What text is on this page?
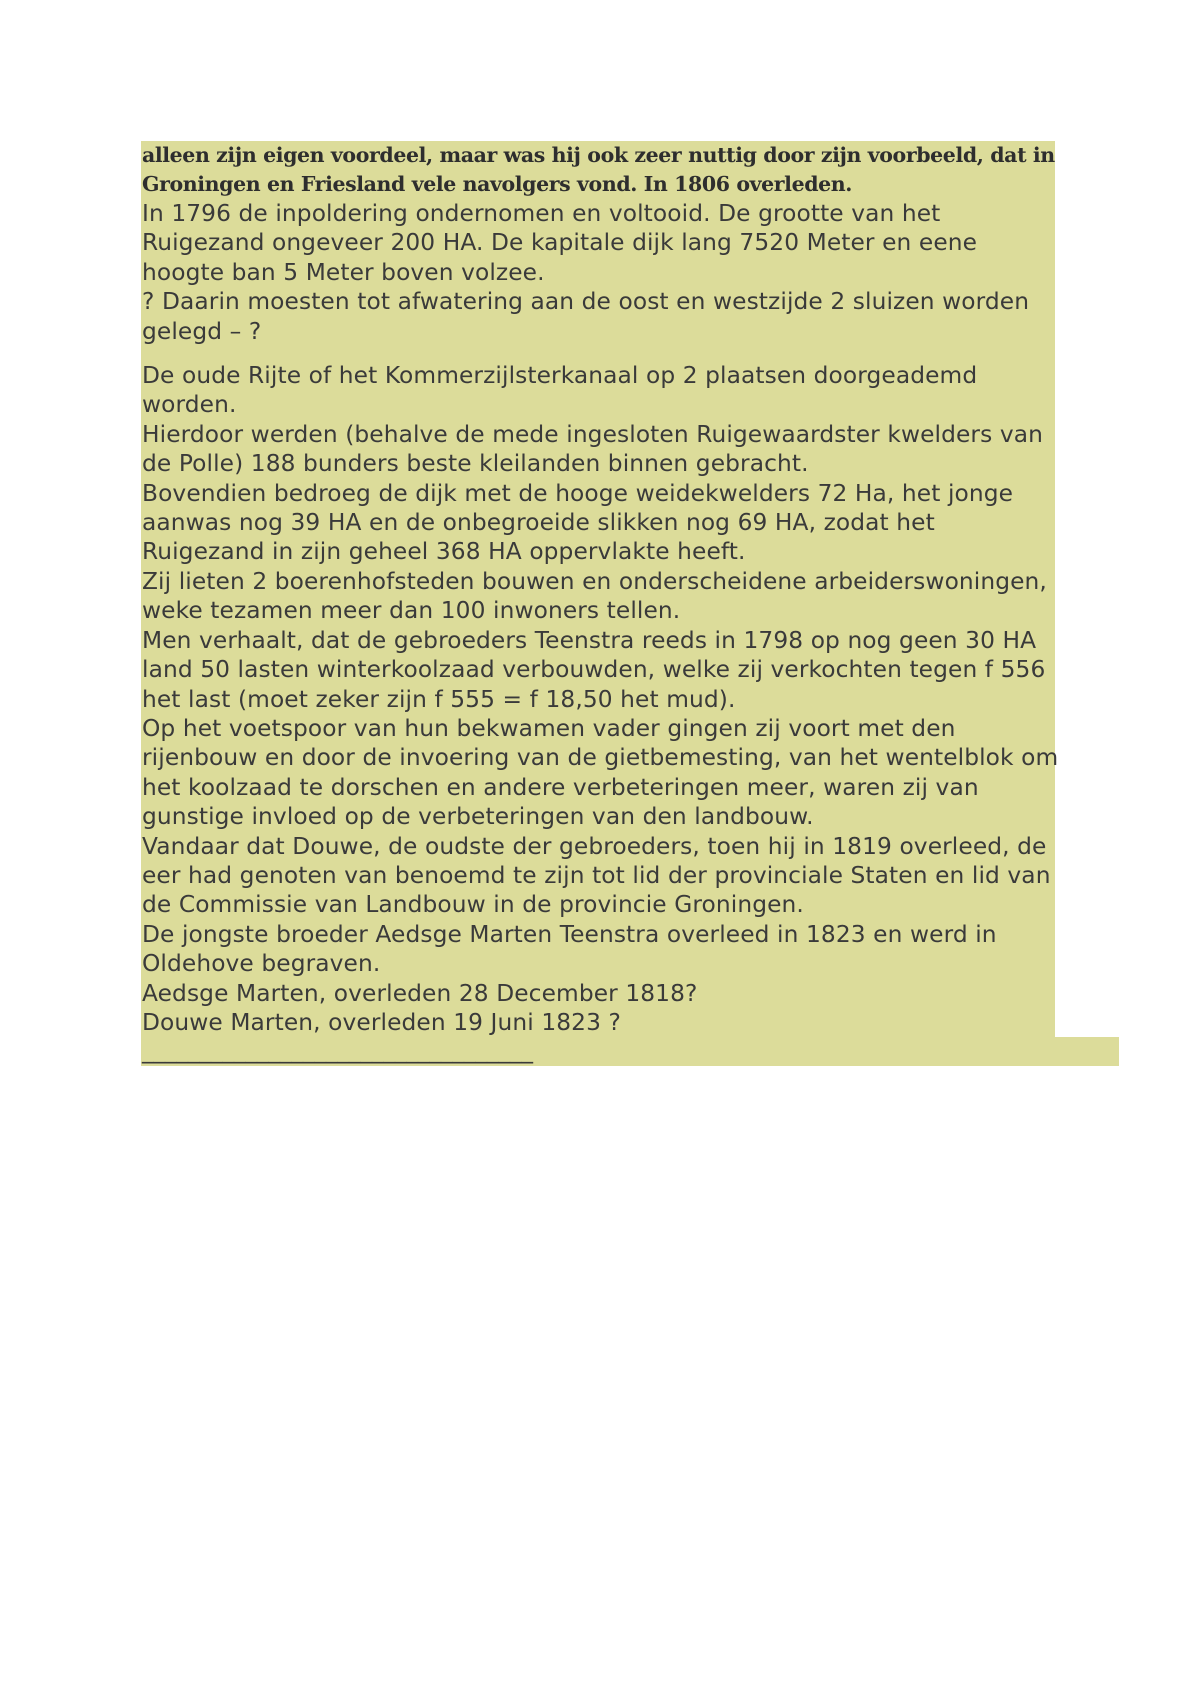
alleen zijn eigen voordeel, maar was hij ook zeer nuttig door zijn voorbeeld, dat in

Groningen en Friesland vele navolgers vond. In 1806 overleden.

In 1796 de inpoldering ondernomen en voltooid. De grootte van het Ruigezand ongeveer 200 HA. De kapitale dijk lang 7520 Meter en eene hoogte ban 5 Meter boven volzee.

? Daarin moesten tot afwatering aan de oost en westzijde 2 sluizen worden gelegd – ?

De oude Rijte of het Kommerzijlsterkanaal op 2 plaatsen doorgeademd worden.

Hierdoor werden (behalve de mede ingesloten Ruigewaardster kwelders van de Polle) 188 bunders beste kleilanden binnen gebracht.

Bovendien bedroeg de dijk met de hooge weidekwelders 72 Ha, het jonge aanwas nog 39 HA en de onbegroeide slikken nog 69 HA, zodat het Ruigezand in zijn geheel 368 HA oppervlakte heeft.

Zij lieten 2 boerenhofsteden bouwen en onderscheidene arbeiderswoningen, weke tezamen meer dan 100 inwoners tellen.

Men verhaalt, dat de gebroeders Teenstra reeds in 1798 op nog geen 30 HA land 50 lasten winterkoolzaad verbouwden, welke zij verkochten tegen f 556 het last (moet zeker zijn f 555 = f 18,50 het mud).

Op het voetspoor van hun bekwamen vader gingen zij voort met den rijenbouw en door de invoering van de gietbemesting, van het wentelblok om het koolzaad te dorschen en andere verbeteringen meer, waren zij van gunstige invloed op de verbeteringen van den landbouw.

Vandaar dat Douwe, de oudste der gebroeders, toen hij in 1819 overleed, de eer had genoten van benoemd te zijn tot lid der provinciale Staten en lid van de Commissie van Landbouw in de provincie Groningen.

De jongste broeder Aedsge Marten Teenstra overleed in 1823 en werd in Oldehove begraven.

Aedsge Marten, overleden 28 December 1818?

Douwe Marten, overleden 19 Juni 1823 ?

__________________________________
